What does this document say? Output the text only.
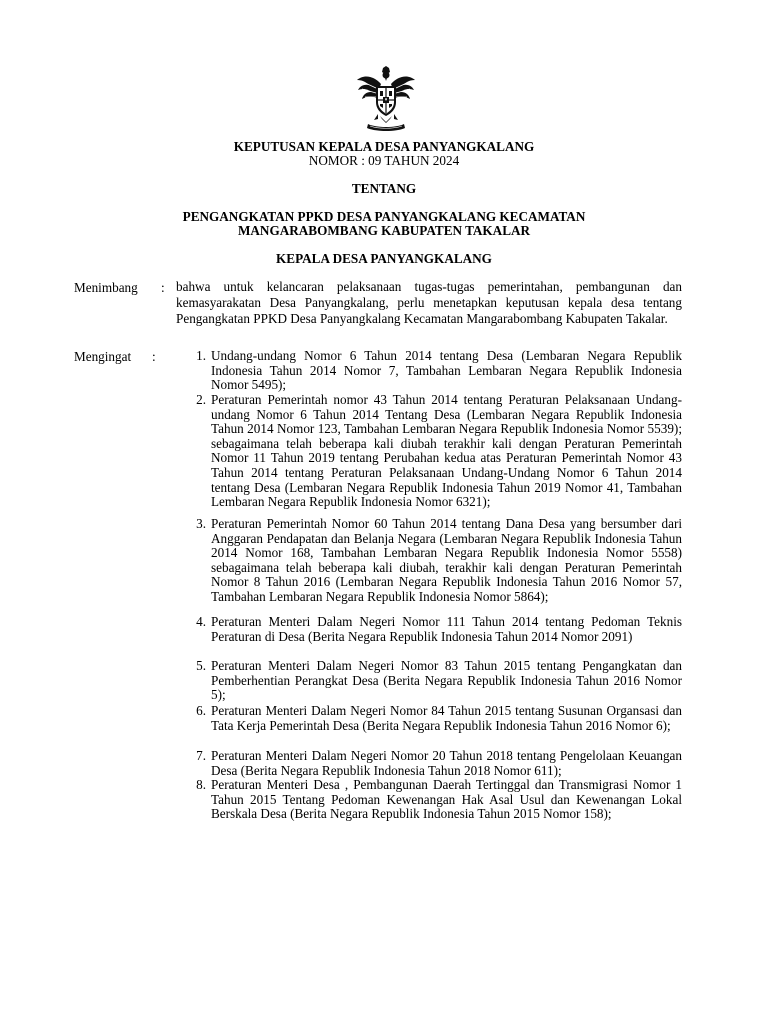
KEPUTUSAN KEPALA DESA PANYANGKALANG
NOMOR : 09 TAHUN 2024
TENTANG
PENGANGKATAN PPKD DESA PANYANGKALANG KECAMATAN
MANGARABOMBANG KABUPATEN TAKALAR
KEPALA DESA PANYANGKALANG
Menimbang : bahwa untuk kelancaran pelaksanaan tugas-tugas pemerintahan, pembangunan dan kemasyarakatan Desa Panyangkalang, perlu menetapkan keputusan kepala desa tentang Pengangkatan PPKD Desa Panyangkalang Kecamatan Mangarabombang Kabupaten Takalar.
Mengingat :	1. Undang-undang Nomor 6 Tahun 2014 tentang Desa (Lembaran Negara Republik Indonesia Tahun 2014 Nomor 7, Tambahan Lembaran Negara Republik Indonesia Nomor 5495);
2. Peraturan Pemerintah nomor 43 Tahun 2014 tentang Peraturan Pelaksanaan Undang-undang Nomor 6 Tahun 2014 Tentang Desa (Lembaran Negara Republik Indonesia Tahun 2014 Nomor 123, Tambahan Lembaran Negara Republik Indonesia Nomor 5539); sebagaimana telah beberapa kali diubah terakhir kali dengan Peraturan Pemerintah Nomor 11 Tahun 2019 tentang Perubahan kedua atas Peraturan Pemerintah Nomor 43 Tahun 2014 tentang Peraturan Pelaksanaan Undang-Undang Nomor 6 Tahun 2014 tentang Desa (Lembaran Negara Republik Indonesia Tahun 2019 Nomor 41, Tambahan Lembaran Negara Republik Indonesia Nomor 6321);
3. Peraturan Pemerintah Nomor 60 Tahun 2014 tentang Dana Desa yang bersumber dari Anggaran Pendapatan dan Belanja Negara (Lembaran Negara Republik Indonesia Tahun 2014 Nomor 168, Tambahan Lembaran Negara Republik Indonesia Nomor 5558) sebagaimana telah beberapa kali diubah, terakhir kali dengan Peraturan Pemerintah Nomor 8 Tahun 2016 (Lembaran Negara Republik Indonesia Tahun 2016 Nomor 57, Tambahan Lembaran Negara Republik Indonesia Nomor 5864);
4. Peraturan Menteri Dalam Negeri Nomor 111 Tahun 2014 tentang Pedoman Teknis Peraturan di Desa (Berita Negara Republik Indonesia Tahun 2014 Nomor 2091)
5. Peraturan Menteri Dalam Negeri Nomor 83 Tahun 2015 tentang Pengangkatan dan Pemberhentian Perangkat Desa (Berita Negara Republik Indonesia Tahun 2016 Nomor 5);
6. Peraturan Menteri Dalam Negeri Nomor 84 Tahun 2015 tentang Susunan Organsasi dan Tata Kerja Pemerintah Desa (Berita Negara Republik Indonesia Tahun 2016 Nomor 6);
7. Peraturan Menteri Dalam Negeri Nomor 20 Tahun 2018 tentang Pengelolaan Keuangan Desa (Berita Negara Republik Indonesia Tahun 2018 Nomor 611);
8. Peraturan Menteri Desa , Pembangunan Daerah Tertinggal dan Transmigrasi Nomor 1 Tahun 2015 Tentang Pedoman Kewenangan Hak Asal Usul dan Kewenangan Lokal Berskala Desa (Berita Negara Republik Indonesia Tahun 2015 Nomor 158);
